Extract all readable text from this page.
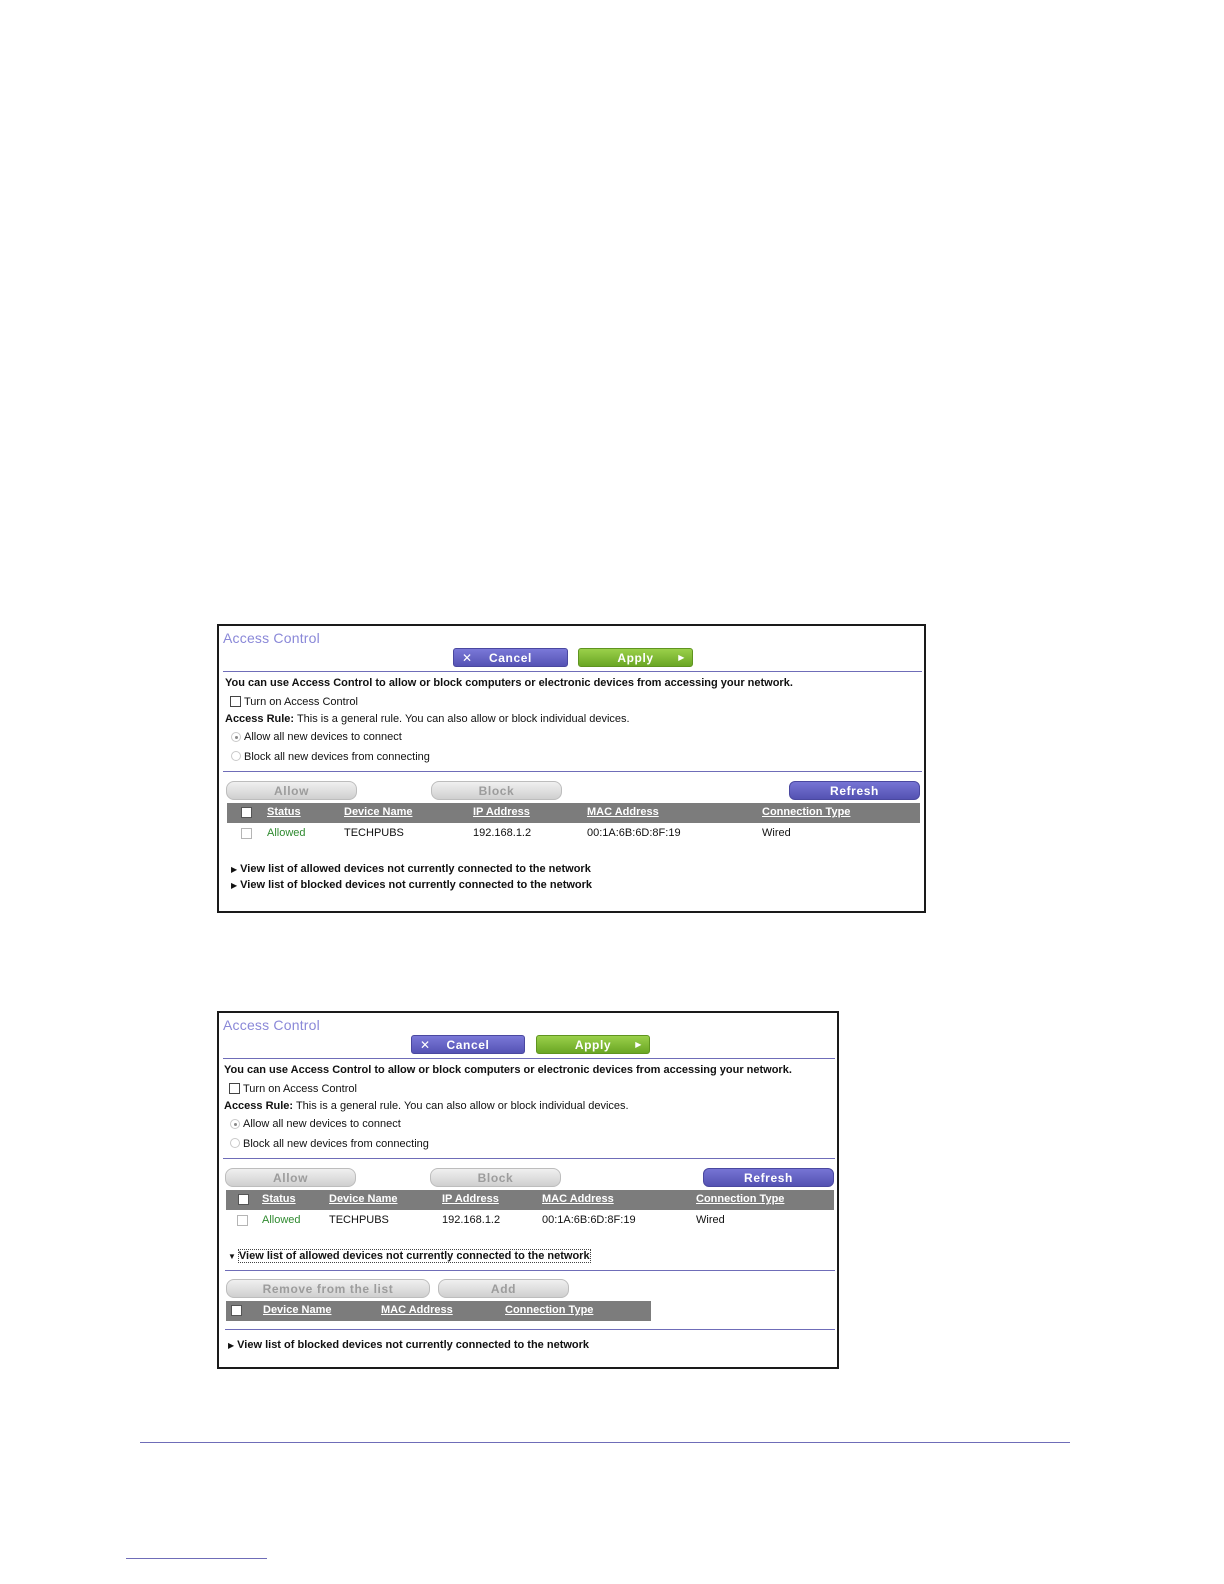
Access Control
✕ Cancel	Apply	▶
You can use Access Control to allow or block computers or electronic devices from accessing your network.
Turn on Access Control
Access Rule: This is a general rule. You can also allow or block individual devices.
Allow all new devices to connect
Block all new devices from connecting
Allow	Block	Refresh
Status	Device Name	IP Address	MAC Address	Connection Type
Allowed	TECHPUBS	192.168.1.2	00:1A:6B:6D:8F:19	Wired
▶ View list of allowed devices not currently connected to the network
▶ View list of blocked devices not currently connected to the network
Access Control
✕ Cancel	Apply	▶
You can use Access Control to allow or block computers or electronic devices from accessing your network.
Turn on Access Control
Access Rule: This is a general rule. You can also allow or block individual devices.
Allow all new devices to connect
Block all new devices from connecting
Allow	Block	Refresh
Status	Device Name	IP Address	MAC Address	Connection Type
Allowed	TECHPUBS	192.168.1.2	00:1A:6B:6D:8F:19	Wired
▼ View list of allowed devices not currently connected to the network
Remove from the list	Add
Device Name	MAC Address	Connection Type
▶ View list of blocked devices not currently connected to the network
